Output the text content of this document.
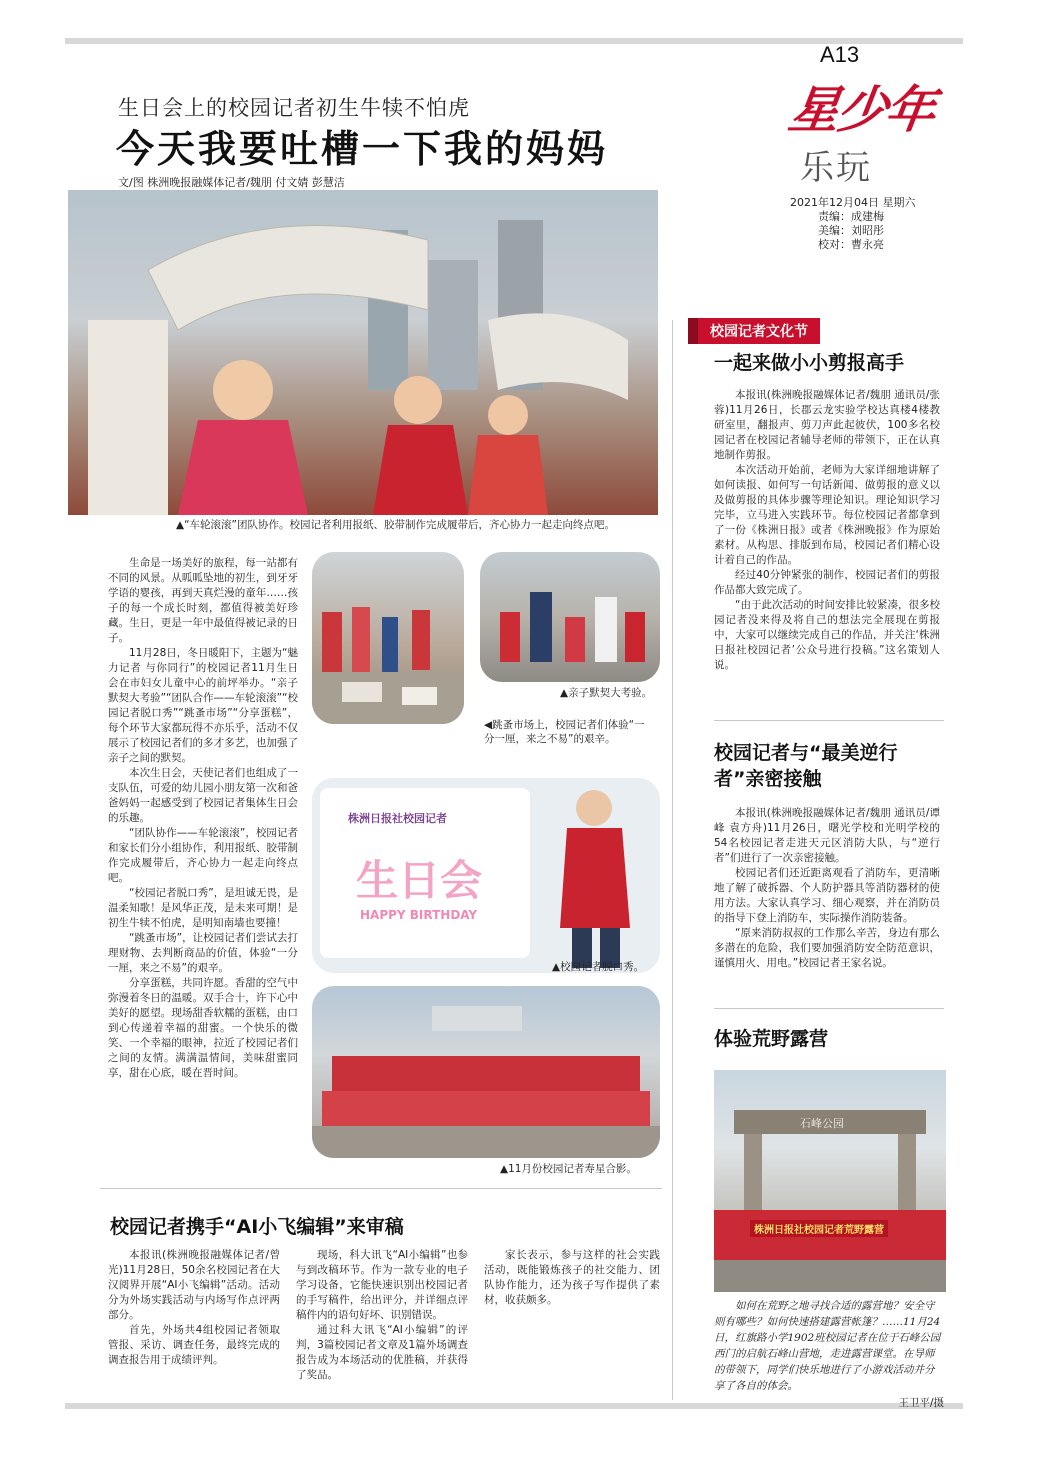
A13
星少年
乐玩
2021年12月04日 星期六
责编：成建梅
美编：刘昭彤
校对：曹永亮
生日会上的校园记者初生牛犊不怕虎
今天我要吐槽一下我的妈妈
文/图 株洲晚报融媒体记者/魏朋 付文婧 彭慧洁
▲“车轮滚滚”团队协作。校园记者利用报纸、胶带制作完成履带后，齐心协力一起走向终点吧。

生命是一场美好的旅程，每一站都有不同的风景。从呱呱坠地的初生，到牙牙学语的婴孩，再到天真烂漫的童年……孩子的每一个成长时刻，都值得被美好珍藏。生日，更是一年中最值得被记录的日子。

11月28日，冬日暖阳下，主题为“魅力记者 与你同行”的校园记者11月生日会在市妇女儿童中心的前坪举办。“亲子默契大考验”“团队合作——车轮滚滚”“校园记者脱口秀”“跳蚤市场”“分享蛋糕”，每个环节大家都玩得不亦乐乎，活动不仅展示了校园记者们的多才多艺，也加强了亲子之间的默契。

本次生日会，天使记者们也组成了一支队伍，可爱的幼儿园小朋友第一次和爸爸妈妈一起感受到了校园记者集体生日会的乐趣。

“团队协作——车轮滚滚”，校园记者和家长们分小组协作，利用报纸、胶带制作完成履带后，齐心协力一起走向终点吧。

“校园记者脱口秀”，是坦诚无畏，是温柔知歌！是风华正茂，是未来可期！是初生牛犊不怕虎，是明知南墙也要撞！

“跳蚤市场”，让校园记者们尝试去打理财物、去判断商品的价值，体验“一分一厘，来之不易”的艰辛。

分享蛋糕，共同许愿。香甜的空气中弥漫着冬日的温暖。双手合十，许下心中美好的愿望。现场甜香软糯的蛋糕，由口到心传递着幸福的甜蜜。一个快乐的微笑、一个幸福的眼神，拉近了校园记者们之间的友情。满满温情间，美味甜蜜同享，甜在心底，暖在晋时间。

◀跳蚤市场上，校园记者们体验“一分一厘，来之不易”的艰辛。
▲亲子默契大考验。
株洲日报社校园记者
生日会
HAPPY BIRTHDAY
▲校园记者脱口秀。
▲11月份校园记者寿星合影。
校园记者携手“AI小飞编辑”来审稿

本报讯(株洲晚报融媒体记者/曾光)11月28日，50余名校园记者在大汉阅界开展“AI小飞编辑”活动。活动分为外场实践活动与内场写作点评两部分。

首先，外场共4组校园记者领取管报、采访、调查任务，最终完成的调查报告用于成绩评判。

现场，科大讯飞“AI小编辑”也参与到改稿环节。作为一款专业的电子学习设备，它能快速识别出校园记者的手写稿件，给出评分，并详细点评稿件内的语句好坏、识别错误。

通过科大讯飞“AI小编辑”的评判，3篇校园记者文章及1篇外场调查报告成为本场活动的优胜稿，并获得了奖品。

家长表示，参与这样的社会实践活动，既能锻炼孩子的社交能力、团队协作能力，还为孩子写作提供了素材，收获颇多。

校园记者文化节
一起来做小小剪报高手

本报讯(株洲晚报融媒体记者/魏朋 通讯员/张蓉)11月26日，长郡云龙实验学校达真楼4楼教研室里，翻报声、剪刀声此起彼伏，100多名校园记者在校园记者辅导老师的带领下，正在认真地制作剪报。

本次活动开始前，老师为大家详细地讲解了如何读报、如何写一句话新闻、做剪报的意义以及做剪报的具体步骤等理论知识。理论知识学习完毕，立马进入实践环节。每位校园记者都拿到了一份《株洲日报》或者《株洲晚报》作为原始素材。从构思、排版到布局，校园记者们精心设计着自己的作品。

经过40分钟紧张的制作，校园记者们的剪报作品都大致完成了。

“由于此次活动的时间安排比较紧凑，很多校园记者没来得及将自己的想法完全展现在剪报中，大家可以继续完成自己的作品，并关注‘株洲日报社校园记者’公众号进行投稿。”这名策划人说。

校园记者与“最美逆行者”亲密接触

本报讯(株洲晚报融媒体记者/魏朋 通讯员/谭峰 袁方舟)11月26日，曙光学校和光明学校的54名校园记者走进天元区消防大队，与“逆行者”们进行了一次亲密接触。

校园记者们还近距离观看了消防车，更清晰地了解了破拆器、个人防护器具等消防器材的使用方法。大家认真学习、细心观察，并在消防员的指导下登上消防车，实际操作消防装备。

“原来消防叔叔的工作那么辛苦，身边有那么多潜在的危险，我们要加强消防安全防范意识，谨慎用火、用电。”校园记者王家名说。

体验荒野露营
石峰公园
株洲日报社校园记者荒野露营

如何在荒野之地寻找合适的露营地？安全守则有哪些？如何快速搭建露营帐篷？……11月24日，红旗路小学1902班校园记者在位于石峰公园西门的启航石峰山营地，走进露营课堂。在导师的带领下，同学们快乐地进行了小游戏活动并分享了各自的体会。

王卫平/摄
